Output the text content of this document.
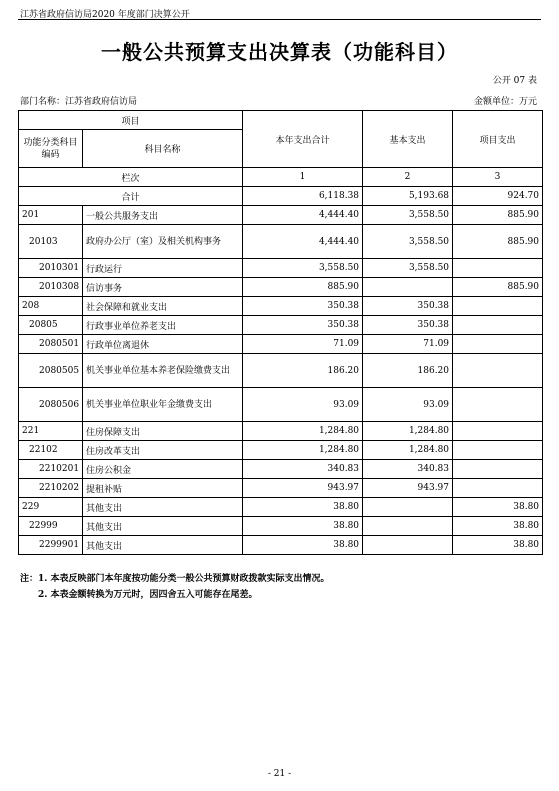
江苏省政府信访局2020 年度部门决算公开
一般公共预算支出决算表（功能科目）
公开 07 表
部门名称：江苏省政府信访局	金额单位：万元
项目		本年支出合计	基本支出	项目支出
功能分类科目编码	科目名称			
栏次		1	2	3
合计		6,118.38	5,193.68	924.70
201	一般公共服务支出	4,444.40	3,558.50	885.90
20103	政府办公厅（室）及相关机构事务	4,444.40	3,558.50	885.90
2010301	行政运行	3,558.50	3,558.50	
2010308	信访事务	885.90		885.90
208	社会保障和就业支出	350.38	350.38	
20805	行政事业单位养老支出	350.38	350.38	
2080501	行政单位离退休	71.09	71.09	
2080505	机关事业单位基本养老保险缴费支出	186.20	186.20	
2080506	机关事业单位职业年金缴费支出	93.09	93.09	
221	住房保障支出	1,284.80	1,284.80	
22102	住房改革支出	1,284.80	1,284.80	
2210201	住房公积金	340.83	340.83	
2210202	提租补贴	943.97	943.97	
229	其他支出	38.80		38.80
22999	其他支出	38.80		38.80
2299901	其他支出	38.80		38.80
注：1. 本表反映部门本年度按功能分类一般公共预算财政拨款实际支出情况。
2. 本表金额转换为万元时，因四舍五入可能存在尾差。
- 21 -
